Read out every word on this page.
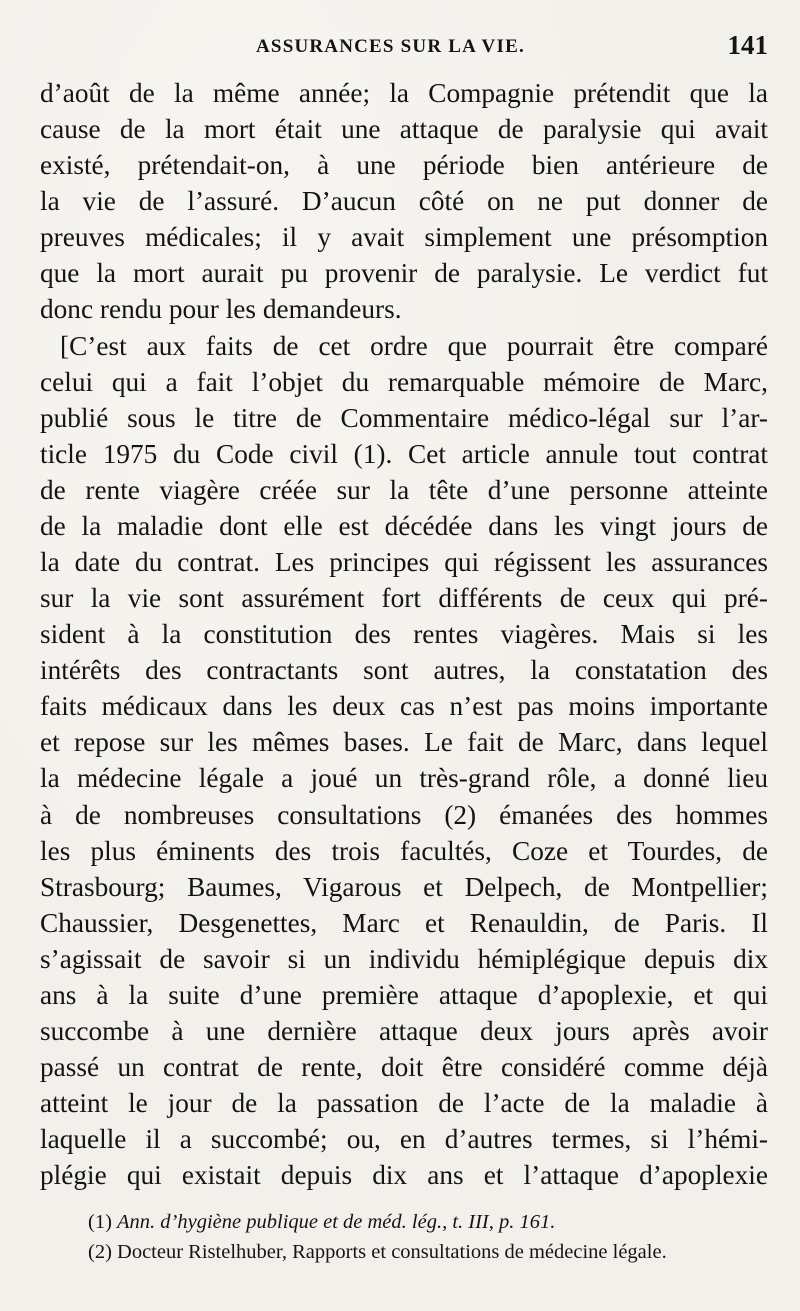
ASSURANCES SUR LA VIE.	141
d’août de la même année; la Compagnie prétendit que la
cause de la mort était une attaque de paralysie qui avait
existé, prétendait-on, à une période bien antérieure de
la vie de l’assuré. D’aucun côté on ne put donner de
preuves médicales; il y avait simplement une présomption
que la mort aurait pu provenir de paralysie. Le verdict fut
donc rendu pour les demandeurs.
[C’est aux faits de cet ordre que pourrait être comparé
celui qui a fait l’objet du remarquable mémoire de Marc,
publié sous le titre de Commentaire médico-légal sur l’ar-
ticle 1975 du Code civil (1). Cet article annule tout contrat
de rente viagère créée sur la tête d’une personne atteinte
de la maladie dont elle est décédée dans les vingt jours de
la date du contrat. Les principes qui régissent les assurances
sur la vie sont assurément fort différents de ceux qui pré-
sident à la constitution des rentes viagères. Mais si les
intérêts des contractants sont autres, la constatation des
faits médicaux dans les deux cas n’est pas moins importante
et repose sur les mêmes bases. Le fait de Marc, dans lequel
la médecine légale a joué un très-grand rôle, a donné lieu
à de nombreuses consultations (2) émanées des hommes
les plus éminents des trois facultés, Coze et Tourdes, de
Strasbourg; Baumes, Vigarous et Delpech, de Montpellier;
Chaussier, Desgenettes, Marc et Renauldin, de Paris. Il
s’agissait de savoir si un individu hémiplégique depuis dix
ans à la suite d’une première attaque d’apoplexie, et qui
succombe à une dernière attaque deux jours après avoir
passé un contrat de rente, doit être considéré comme déjà
atteint le jour de la passation de l’acte de la maladie à
laquelle il a succombé; ou, en d’autres termes, si l’hémi-
plégie qui existait depuis dix ans et l’attaque d’apoplexie
(1) Ann. d’hygiène publique et de méd. lég., t. III, p. 161.
(2) Docteur Ristelhuber, Rapports et consultations de médecine légale.
